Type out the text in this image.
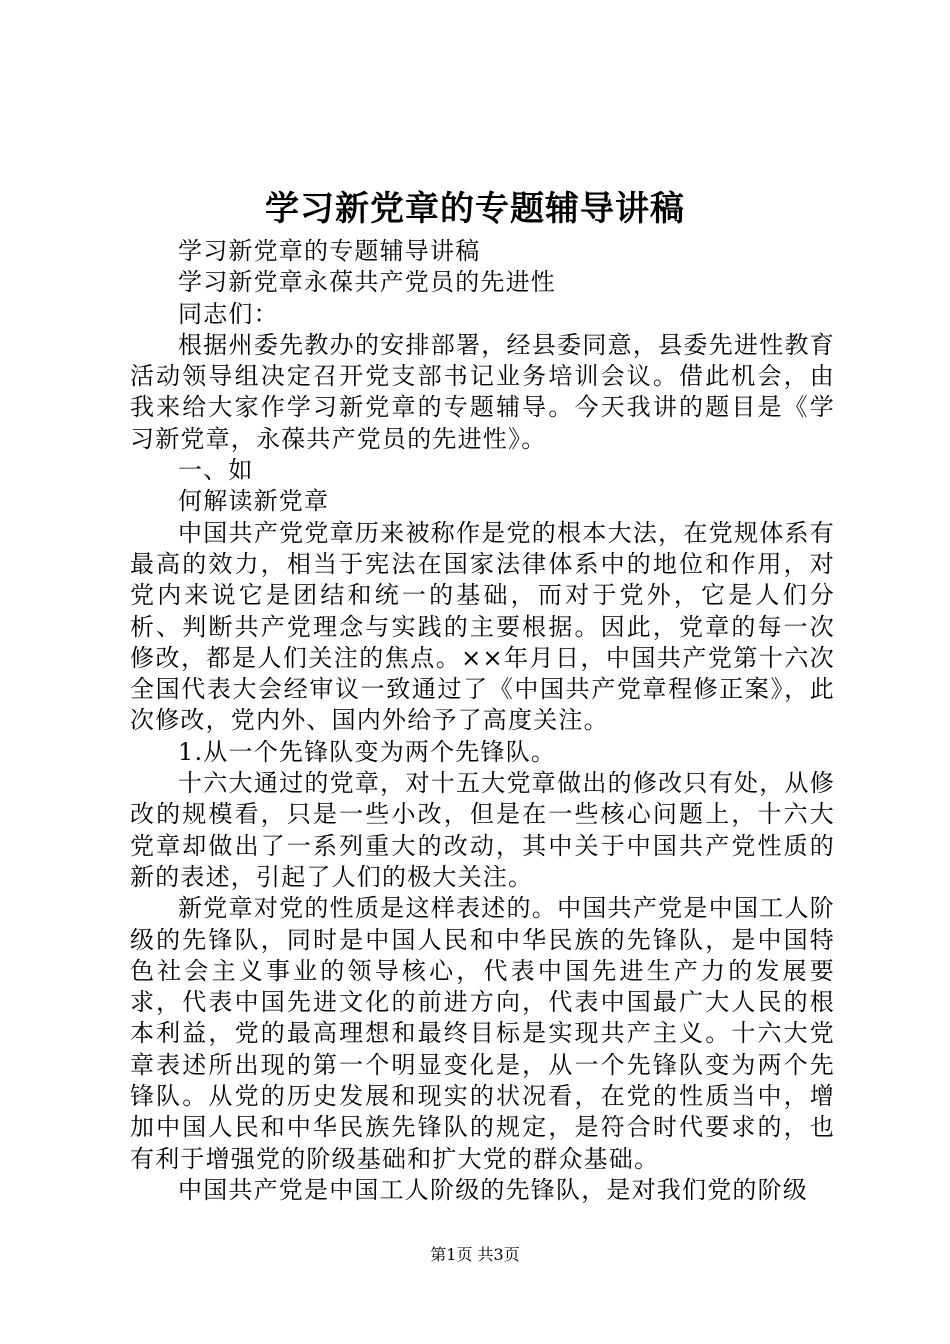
学习新党章的专题辅导讲稿

学习新党章的专题辅导讲稿

学习新党章永葆共产党员的先进性

同志们：

根据州委先教办的安排部署，经县委同意，县委先进性教育活动领导组决定召开党支部书记业务培训会议。借此机会，由我来给大家作学习新党章的专题辅导。今天我讲的题目是《学习新党章，永葆共产党员的先进性》。

一、如

何解读新党章

中国共产党党章历来被称作是党的根本大法，在党规体系有最高的效力，相当于宪法在国家法律体系中的地位和作用，对党内来说它是团结和统一的基础，而对于党外，它是人们分析、判断共产党理念与实践的主要根据。因此，党章的每一次修改，都是人们关注的焦点。××年月日，中国共产党第十六次全国代表大会经审议一致通过了《中国共产党章程修正案》，此次修改，党内外、国内外给予了高度关注。

1.从一个先锋队变为两个先锋队。

十六大通过的党章，对十五大党章做出的修改只有处，从修改的规模看，只是一些小改，但是在一些核心问题上，十六大党章却做出了一系列重大的改动，其中关于中国共产党性质的新的表述，引起了人们的极大关注。

新党章对党的性质是这样表述的。中国共产党是中国工人阶级的先锋队，同时是中国人民和中华民族的先锋队，是中国特色社会主义事业的领导核心，代表中国先进生产力的发展要求，代表中国先进文化的前进方向，代表中国最广大人民的根本利益，党的最高理想和最终目标是实现共产主义。十六大党章表述所出现的第一个明显变化是，从一个先锋队变为两个先锋队。从党的历史发展和现实的状况看，在党的性质当中，增加中国人民和中华民族先锋队的规定，是符合时代要求的，也有利于增强党的阶级基础和扩大党的群众基础。

中国共产党是中国工人阶级的先锋队，是对我们党的阶级

第1页 共3页
